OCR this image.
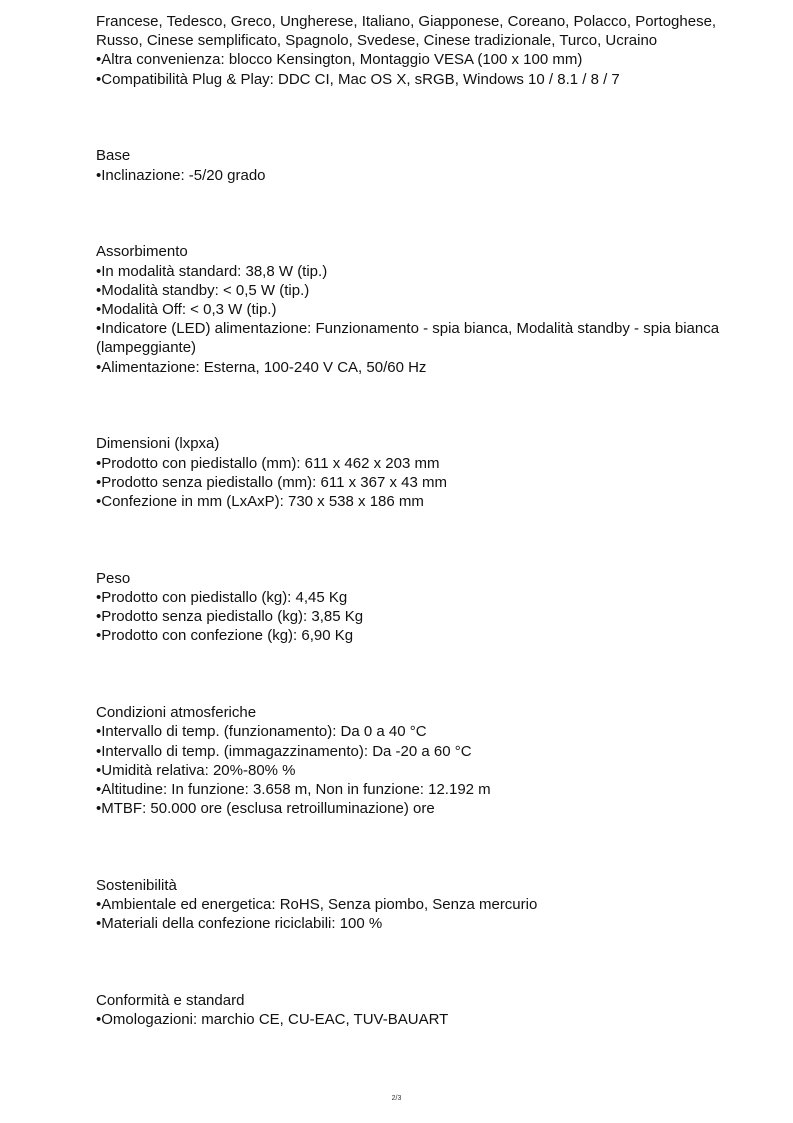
Francese, Tedesco, Greco, Ungherese, Italiano, Giapponese, Coreano, Polacco, Portoghese, Russo, Cinese semplificato, Spagnolo, Svedese, Cinese tradizionale, Turco, Ucraino
•Altra convenienza: blocco Kensington, Montaggio VESA (100 x 100 mm)
•Compatibilità Plug & Play: DDC CI, Mac OS X, sRGB, Windows 10 / 8.1 / 8 / 7
Base
•Inclinazione: -5/20 grado
Assorbimento
•In modalità standard: 38,8 W (tip.)
•Modalità standby: < 0,5 W (tip.)
•Modalità Off: < 0,3 W (tip.)
•Indicatore (LED) alimentazione: Funzionamento - spia bianca, Modalità standby - spia bianca (lampeggiante)
•Alimentazione: Esterna, 100-240 V CA, 50/60 Hz
Dimensioni (lxpxa)
•Prodotto con piedistallo (mm): 611 x 462 x 203 mm
•Prodotto senza piedistallo (mm): 611 x 367 x 43 mm
•Confezione in mm (LxAxP): 730 x 538 x 186 mm
Peso
•Prodotto con piedistallo (kg): 4,45 Kg
•Prodotto senza piedistallo (kg): 3,85 Kg
•Prodotto con confezione (kg): 6,90 Kg
Condizioni atmosferiche
•Intervallo di temp. (funzionamento): Da 0 a 40 °C
•Intervallo di temp. (immagazzinamento): Da -20 a 60 °C
•Umidità relativa: 20%-80% %
•Altitudine: In funzione: 3.658 m, Non in funzione: 12.192 m
•MTBF: 50.000 ore (esclusa retroilluminazione) ore
Sostenibilità
•Ambientale ed energetica: RoHS, Senza piombo, Senza mercurio
•Materiali della confezione riciclabili: 100 %
Conformità e standard
•Omologazioni: marchio CE, CU-EAC, TUV-BAUART
2/3
